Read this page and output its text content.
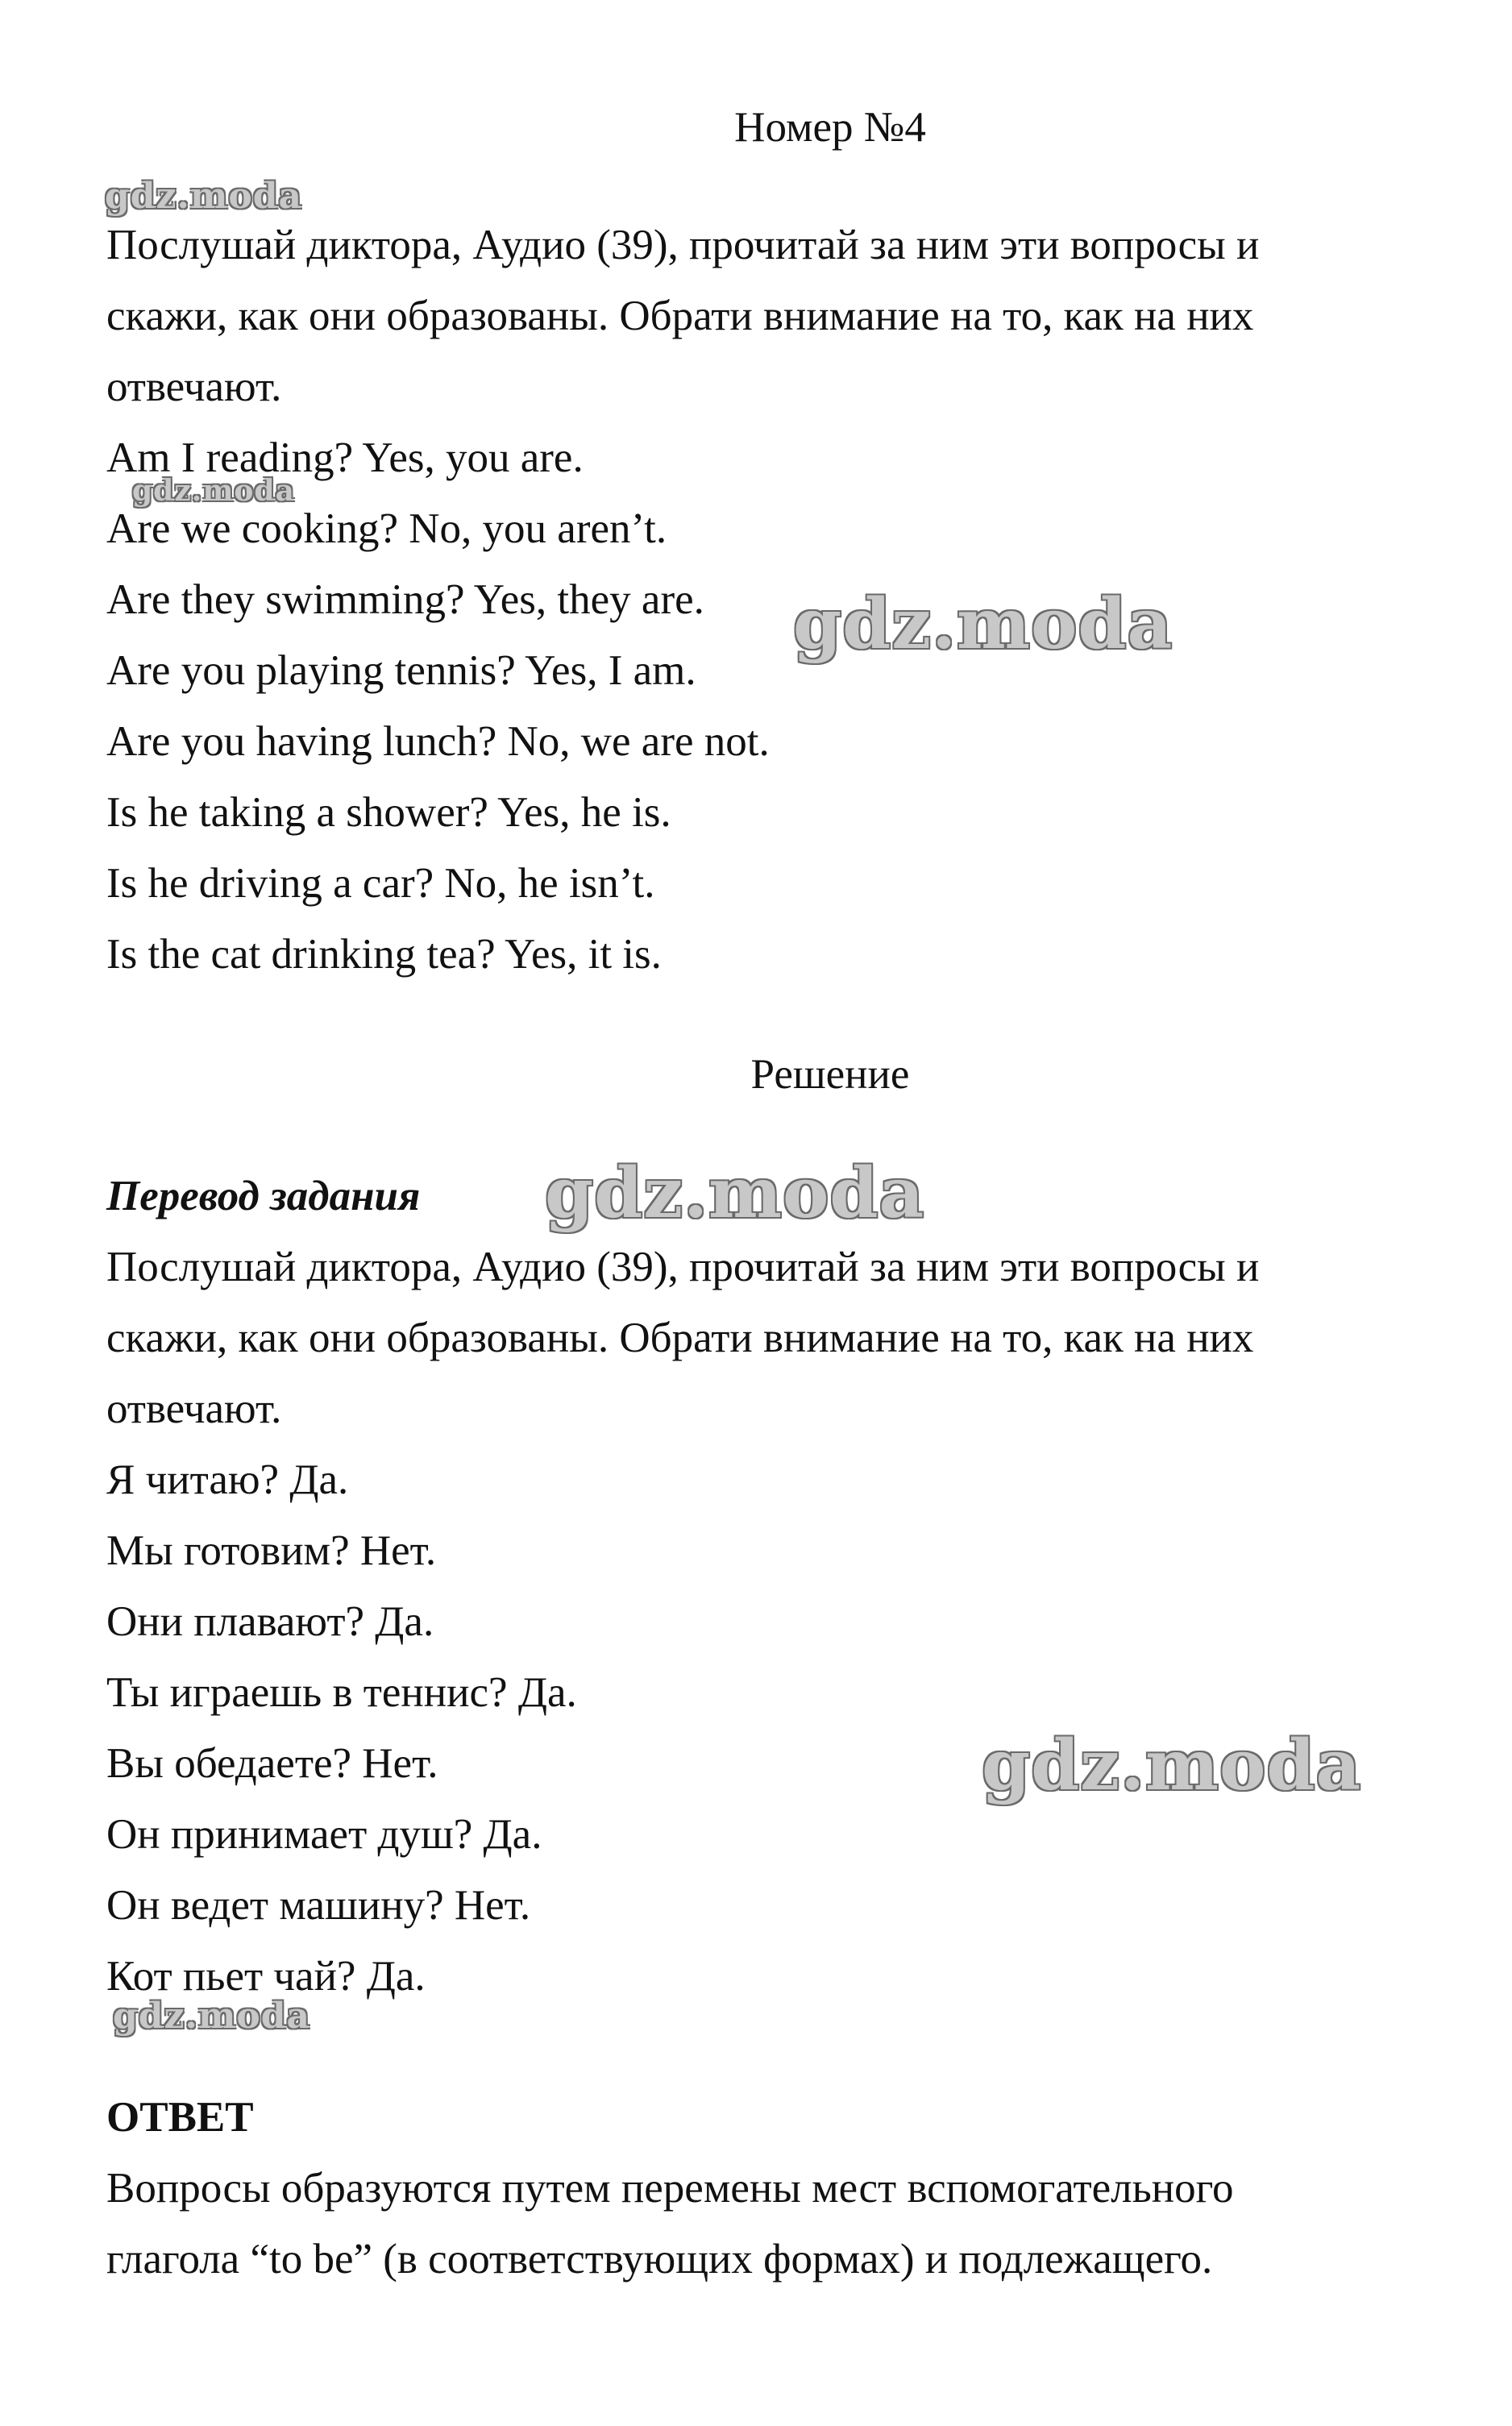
Номер №4
Послушай диктора, Аудио (39), прочитай за ним эти вопросы и
скажи, как они образованы. Обрати внимание на то, как на них
отвечают.
Am I reading? Yes, you are.
Are we cooking? No, you aren’t.
Are they swimming? Yes, they are.
Are you playing tennis? Yes, I am.
Are you having lunch? No, we are not.
Is he taking a shower? Yes, he is.
Is he driving a car? No, he isn’t.
Is the cat drinking tea? Yes, it is.
Решение
Перевод задания
Послушай диктора, Аудио (39), прочитай за ним эти вопросы и
скажи, как они образованы. Обрати внимание на то, как на них
отвечают.
Я читаю? Да.
Мы готовим? Нет.
Они плавают? Да.
Ты играешь в теннис? Да.
Вы обедаете? Нет.
Он принимает душ? Да.
Он ведет машину? Нет.
Кот пьет чай? Да.
ОТВЕТ
Вопросы образуются путем перемены мест вспомогательного
глагола “to be” (в соответствующих формах) и подлежащего.
gdz.moda
gdz.moda
gdz.moda
gdz.moda
gdz.moda
gdz.moda
